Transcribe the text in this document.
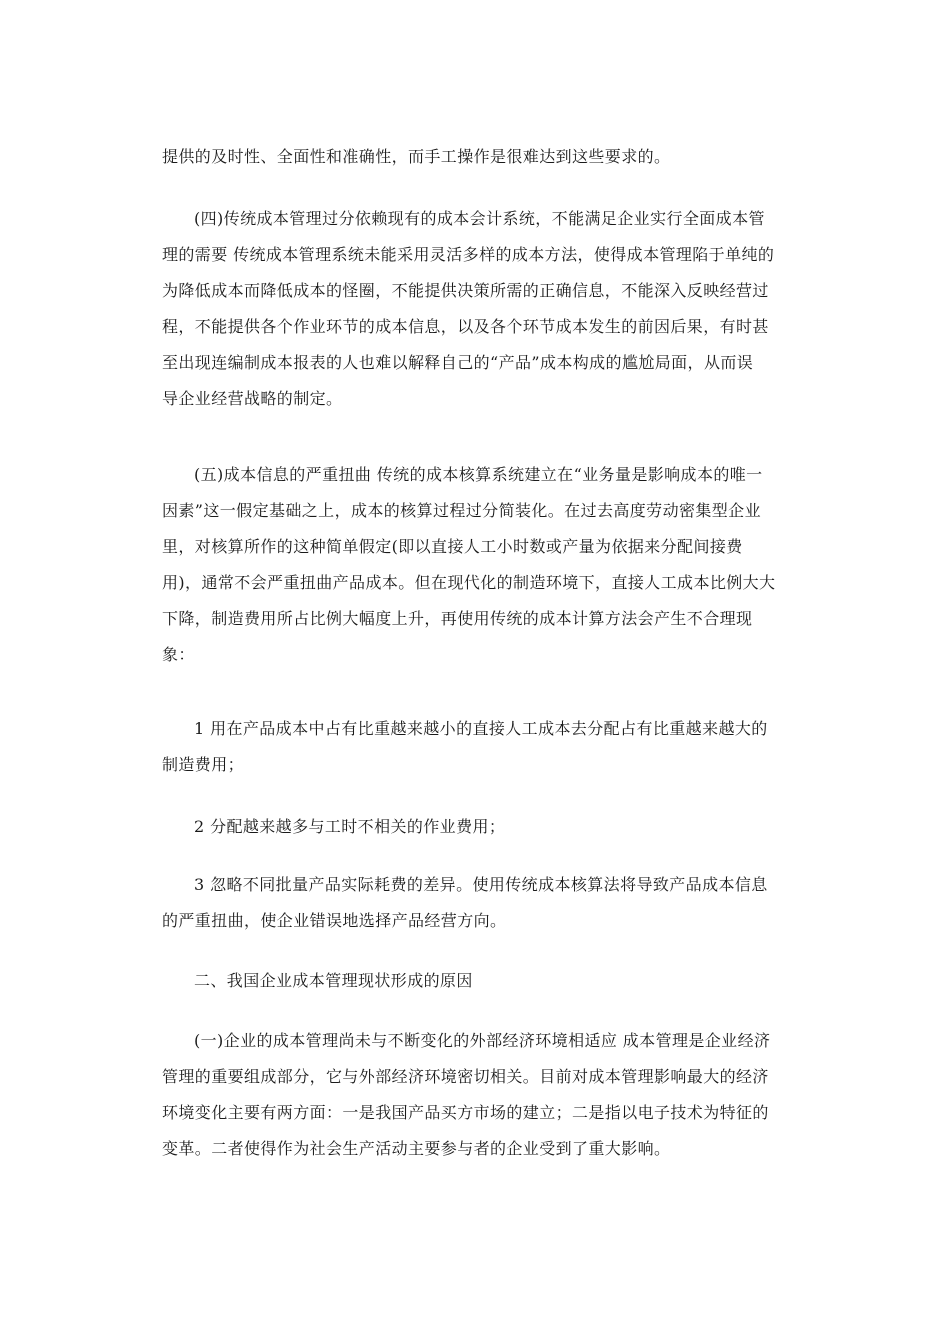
提供的及时性、全面性和准确性，而手工操作是很难达到这些要求的。
(四)传统成本管理过分依赖现有的成本会计系统，不能满足企业实行全面成本管
理的需要 传统成本管理系统未能采用灵活多样的成本方法，使得成本管理陷于单纯的
为降低成本而降低成本的怪圈，不能提供决策所需的正确信息，不能深入反映经营过
程，不能提供各个作业环节的成本信息，以及各个环节成本发生的前因后果，有时甚
至出现连编制成本报表的人也难以解释自己的“产品”成本构成的尴尬局面，从而误
导企业经营战略的制定。
(五)成本信息的严重扭曲 传统的成本核算系统建立在“业务量是影响成本的唯一
因素”这一假定基础之上，成本的核算过程过分简装化。在过去高度劳动密集型企业
里，对核算所作的这种简单假定(即以直接人工小时数或产量为依据来分配间接费
用)，通常不会严重扭曲产品成本。但在现代化的制造环境下，直接人工成本比例大大
下降，制造费用所占比例大幅度上升，再使用传统的成本计算方法会产生不合理现
象：
1 用在产品成本中占有比重越来越小的直接人工成本去分配占有比重越来越大的
制造费用；
2 分配越来越多与工时不相关的作业费用；
3 忽略不同批量产品实际耗费的差异。使用传统成本核算法将导致产品成本信息
的严重扭曲，使企业错误地选择产品经营方向。
二、我国企业成本管理现状形成的原因
(一)企业的成本管理尚未与不断变化的外部经济环境相适应 成本管理是企业经济
管理的重要组成部分，它与外部经济环境密切相关。目前对成本管理影响最大的经济
环境变化主要有两方面：一是我国产品买方市场的建立；二是指以电子技术为特征的
变革。二者使得作为社会生产活动主要参与者的企业受到了重大影响。
